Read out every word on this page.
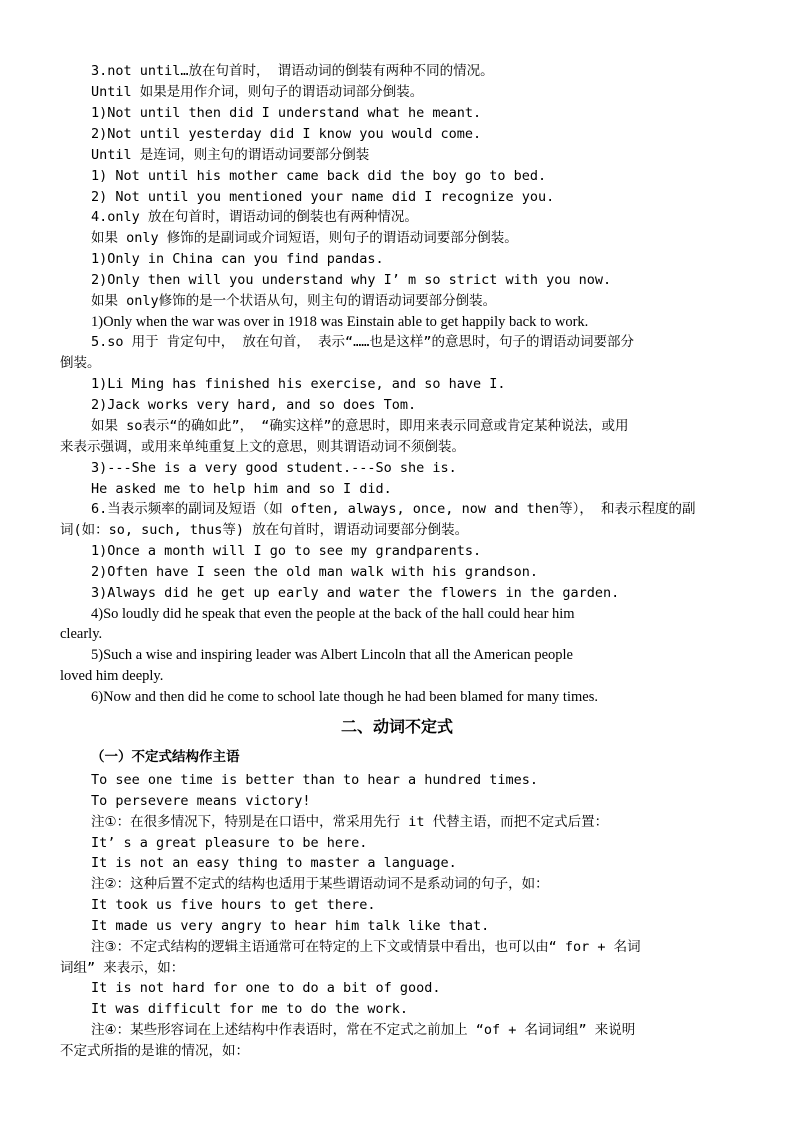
3.not until…放在句首时， 谓语动词的倒装有两种不同的情况。
Until 如果是用作介词，则句子的谓语动词部分倒装。
1)Not until then did I understand what he meant.
2)Not until yesterday did I know you would come.
Until 是连词，则主句的谓语动词要部分倒装
1) Not until his mother came back did the boy go to bed.
2) Not until you mentioned your name did I recognize you.
4.only 放在句首时，谓语动词的倒装也有两种情况。
如果 only 修饰的是副词或介词短语，则句子的谓语动词要部分倒装。
1)Only in China can you find pandas.
2)Only then will you understand why I’ m so strict with you now.
如果 only修饰的是一个状语从句，则主句的谓语动词要部分倒装。
1)Only when the war was over in 1918 was Einstain able to get happily back to work.
5.so 用于 肯定句中， 放在句首， 表示“……也是这样”的意思时，句子的谓语动词要部分
倒装。
1)Li Ming has finished his exercise, and so have I.
2)Jack works very hard, and so does Tom.
如果 so表示“的确如此”， “确实这样”的意思时，即用来表示同意或肯定某种说法，或用
来表示强调，或用来单纯重复上文的意思，则其谓语动词不须倒装。
3)---She is a very good student.---So she is.
He asked me to help him and so I did.
6.当表示频率的副词及短语（如 often, always, once, now and then等）， 和表示程度的副
词(如：so, such, thus等) 放在句首时，谓语动词要部分倒装。
1)Once a month will I go to see my grandparents.
2)Often have I seen the old man walk with his grandson.
3)Always did he get up early and water the flowers in the garden.
4)So loudly did he speak that even the people at the back of the hall could hear him
clearly.
5)Such a wise and inspiring leader was Albert Lincoln that all the American people
loved him deeply.
6)Now and then did he come to school late though he had been blamed for many times.
二、动词不定式
（一）不定式结构作主语
To see one time is better than to hear a hundred times.
To persevere means victory!
注①：在很多情况下，特别是在口语中，常采用先行 it 代替主语，而把不定式后置：
It’ s a great pleasure to be here.
It is not an easy thing to master a language.
注②：这种后置不定式的结构也适用于某些谓语动词不是系动词的句子，如：
It took us five hours to get there.
It made us very angry to hear him talk like that.
注③：不定式结构的逻辑主语通常可在特定的上下文或情景中看出，也可以由“ for + 名词
词组” 来表示，如：
It is not hard for one to do a bit of good.
It was difficult for me to do the work.
注④：某些形容词在上述结构中作表语时，常在不定式之前加上 “of + 名词词组” 来说明
不定式所指的是谁的情况，如：
